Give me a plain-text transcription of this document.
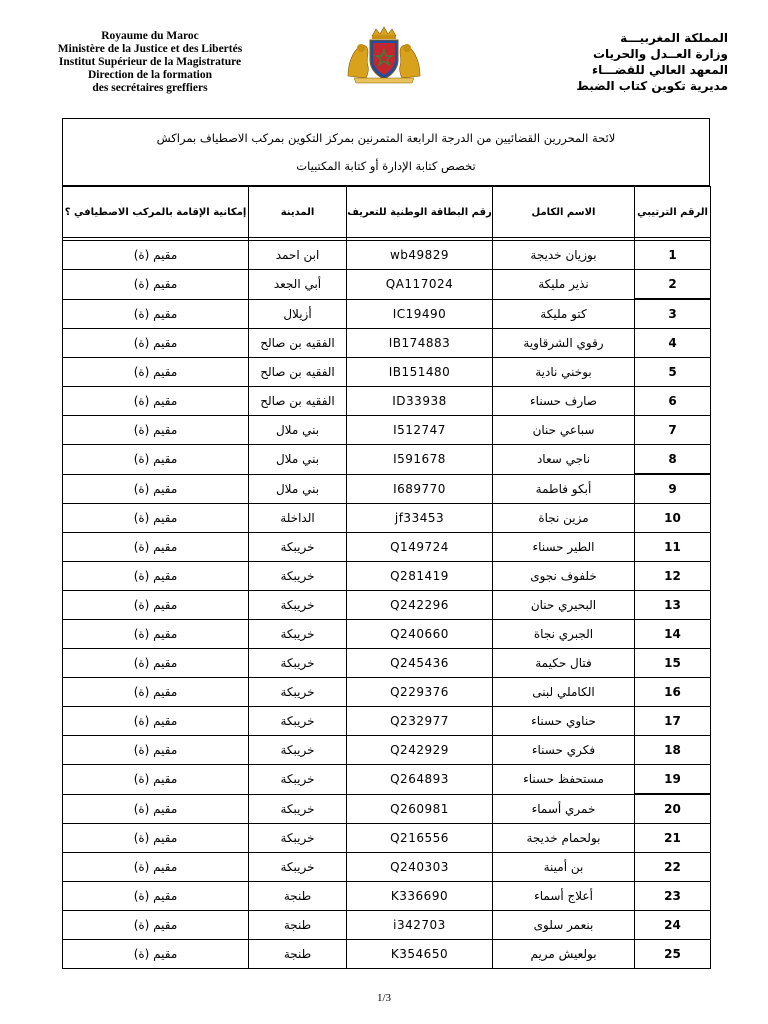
Royaume du Maroc
Ministère de la Justice et des Libertés
Institut Supérieur de la Magistrature
Direction de la formation
des secrétaires greffiers
المملكة المغربيـــة
وزارة العــدل والحريات
المعهد العالي للقضـــاء
مديرية تكوين كتاب الضبط
لائحة المحررين القضائيين من الدرجة الرابعة المتمرنين بمركز التكوين بمركب الاصطياف بمراكش
تخصص كتابة الإدارة أو كتابة المكتبيات
الرقم الترتيبي	الاسم الكامل	رقم البطاقة الوطنية للتعريف	المدينة	إمكانية الإقامة بالمركب الاصطيافي ؟

1	بوزيان خديجة	wb49829	ابن احمد	مقيم (ة)
2	نذير مليكة	QA117024	أبي الجعد	مقيم (ة)
3	كتو مليكة	IC19490	أزيلال	مقيم (ة)
4	رقوي الشرقاوية	IB174883	الفقيه بن صالح	مقيم (ة)
5	بوخني نادية	IB151480	الفقيه بن صالح	مقيم (ة)
6	صارف حسناء	ID33938	الفقيه بن صالح	مقيم (ة)
7	سباعي حنان	I512747	بني ملال	مقيم (ة)
8	ناجي سعاد	I591678	بني ملال	مقيم (ة)
9	أبكو فاطمة	I689770	بني ملال	مقيم (ة)
10	مزين نجاة	jf33453	الداخلة	مقيم (ة)
11	الطير حسناء	Q149724	خريبكة	مقيم (ة)
12	خلفوف نجوى	Q281419	خريبكة	مقيم (ة)
13	البحيري حنان	Q242296	خريبكة	مقيم (ة)
14	الجبري نجاة	Q240660	خريبكة	مقيم (ة)
15	فتال حكيمة	Q245436	خريبكة	مقيم (ة)
16	الكاملي لبنى	Q229376	خريبكة	مقيم (ة)
17	حناوي حسناء	Q232977	خريبكة	مقيم (ة)
18	فكري حسناء	Q242929	خريبكة	مقيم (ة)
19	مستحفظ حسناء	Q264893	خريبكة	مقيم (ة)
20	خمري أسماء	Q260981	خريبكة	مقيم (ة)
21	بولحمام خديجة	Q216556	خريبكة	مقيم (ة)
22	بن أمينة	Q240303	خريبكة	مقيم (ة)
23	أعلاج أسماء	K336690	طنجة	مقيم (ة)
24	بنعمر سلوى	i342703	طنجة	مقيم (ة)
25	بولعيش مريم	K354650	طنجة	مقيم (ة)
1/3
